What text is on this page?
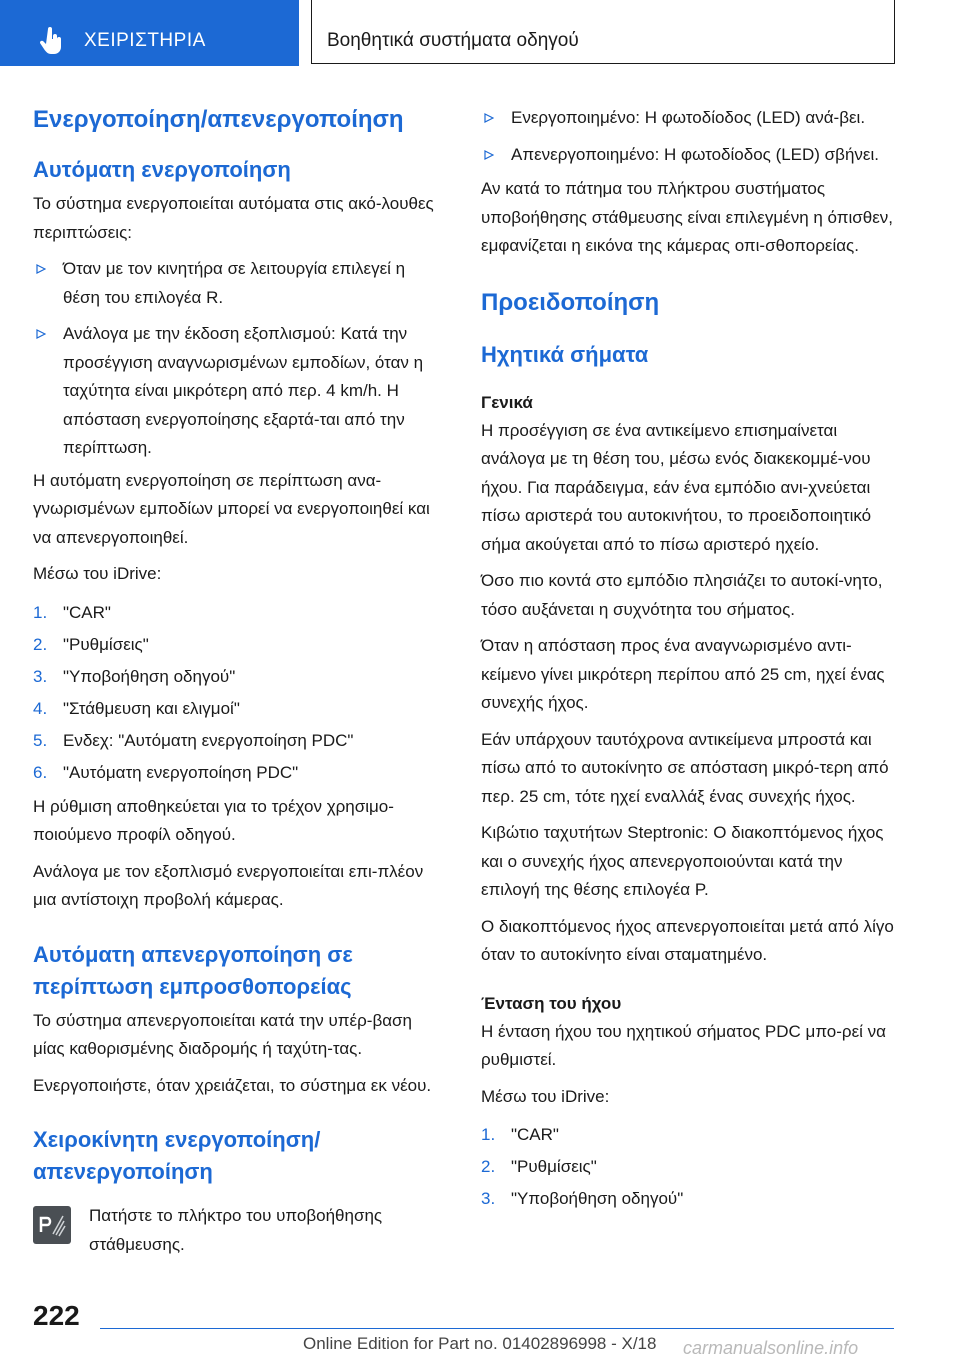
ΧΕΙΡΙΣΤΗΡΙΑ	Βοηθητικά συστήματα οδηγού
Ενεργοποίηση/απενεργοποίηση
Αυτόματη ενεργοποίηση

Το σύστημα ενεργοποιείται αυτόματα στις ακό-λουθες περιπτώσεις:

Όταν με τον κινητήρα σε λειτουργία επιλεγεί η θέση του επιλογέα R.
Ανάλογα με την έκδοση εξοπλισμού: Κατά την προσέγγιση αναγνωρισμένων εμποδίων, όταν η ταχύτητα είναι μικρότερη από περ. 4 km/h. Η απόσταση ενεργοποίησης εξαρτά-ται από την περίπτωση.

Η αυτόματη ενεργοποίηση σε περίπτωση ανα-γνωρισμένων εμποδίων μπορεί να ενεργοποιηθεί και να απενεργοποιηθεί.

Μέσω του iDrive:

1. "CAR"
2. "Ρυθμίσεις"
3. "Υποβοήθηση οδηγού"
4. "Στάθμευση και ελιγμοί"
5. Ενδεχ: "Αυτόματη ενεργοποίηση PDC"
6. "Αυτόματη ενεργοποίηση PDC"

Η ρύθμιση αποθηκεύεται για το τρέχον χρησιμο-ποιούμενο προφίλ οδηγού.

Ανάλογα με τον εξοπλισμό ενεργοποιείται επι-πλέον μια αντίστοιχη προβολή κάμερας.

Αυτόματη απενεργοποίηση σε περίπτωση εμπροσθοπορείας

Το σύστημα απενεργοποιείται κατά την υπέρ-βαση μίας καθορισμένης διαδρομής ή ταχύτη-τας.

Ενεργοποιήστε, όταν χρειάζεται, το σύστημα εκ νέου.

Χειροκίνητη ενεργοποίηση/ απενεργοποίηση

Πατήστε το πλήκτρο του υποβοήθησης στάθμευσης.

Ενεργοποιημένο: Η φωτοδίοδος (LED) ανά-βει.
Απενεργοποιημένο: Η φωτοδίοδος (LED) σβήνει.

Αν κατά το πάτημα του πλήκτρου συστήματος υποβοήθησης στάθμευσης είναι επιλεγμένη η όπισθεν, εμφανίζεται η εικόνα της κάμερας οπι-σθοπορείας.

Προειδοποίηση
Ηχητικά σήματα
Γενικά

Η προσέγγιση σε ένα αντικείμενο επισημαίνεται ανάλογα με τη θέση του, μέσω ενός διακεκομμέ-νου ήχου. Για παράδειγμα, εάν ένα εμπόδιο ανι-χνεύεται πίσω αριστερά του αυτοκινήτου, το προειδοποιητικό σήμα ακούγεται από το πίσω αριστερό ηχείο.

Όσο πιο κοντά στο εμπόδιο πλησιάζει το αυτοκί-νητο, τόσο αυξάνεται η συχνότητα του σήματος.

Όταν η απόσταση προς ένα αναγνωρισμένο αντι-κείμενο γίνει μικρότερη περίπου από 25 cm, ηχεί ένας συνεχής ήχος.

Εάν υπάρχουν ταυτόχρονα αντικείμενα μπροστά και πίσω από το αυτοκίνητο σε απόσταση μικρό-τερη από περ. 25 cm, τότε ηχεί εναλλάξ ένας συνεχής ήχος.

Κιβώτιο ταχυτήτων Steptronic: Ο διακοπτόμενος ήχος και ο συνεχής ήχος απενεργοποιούνται κατά την επιλογή της θέσης επιλογέα P.

Ο διακοπτόμενος ήχος απενεργοποιείται μετά από λίγο όταν το αυτοκίνητο είναι σταματημένο.

Ένταση του ήχου

Η ένταση ήχου του ηχητικού σήματος PDC μπο-ρεί να ρυθμιστεί.

Μέσω του iDrive:

1. "CAR"
2. "Ρυθμίσεις"
3. "Υποβοήθηση οδηγού"
222
Online Edition for Part no. 01402896998 - X/18 carmanualsonline.info
